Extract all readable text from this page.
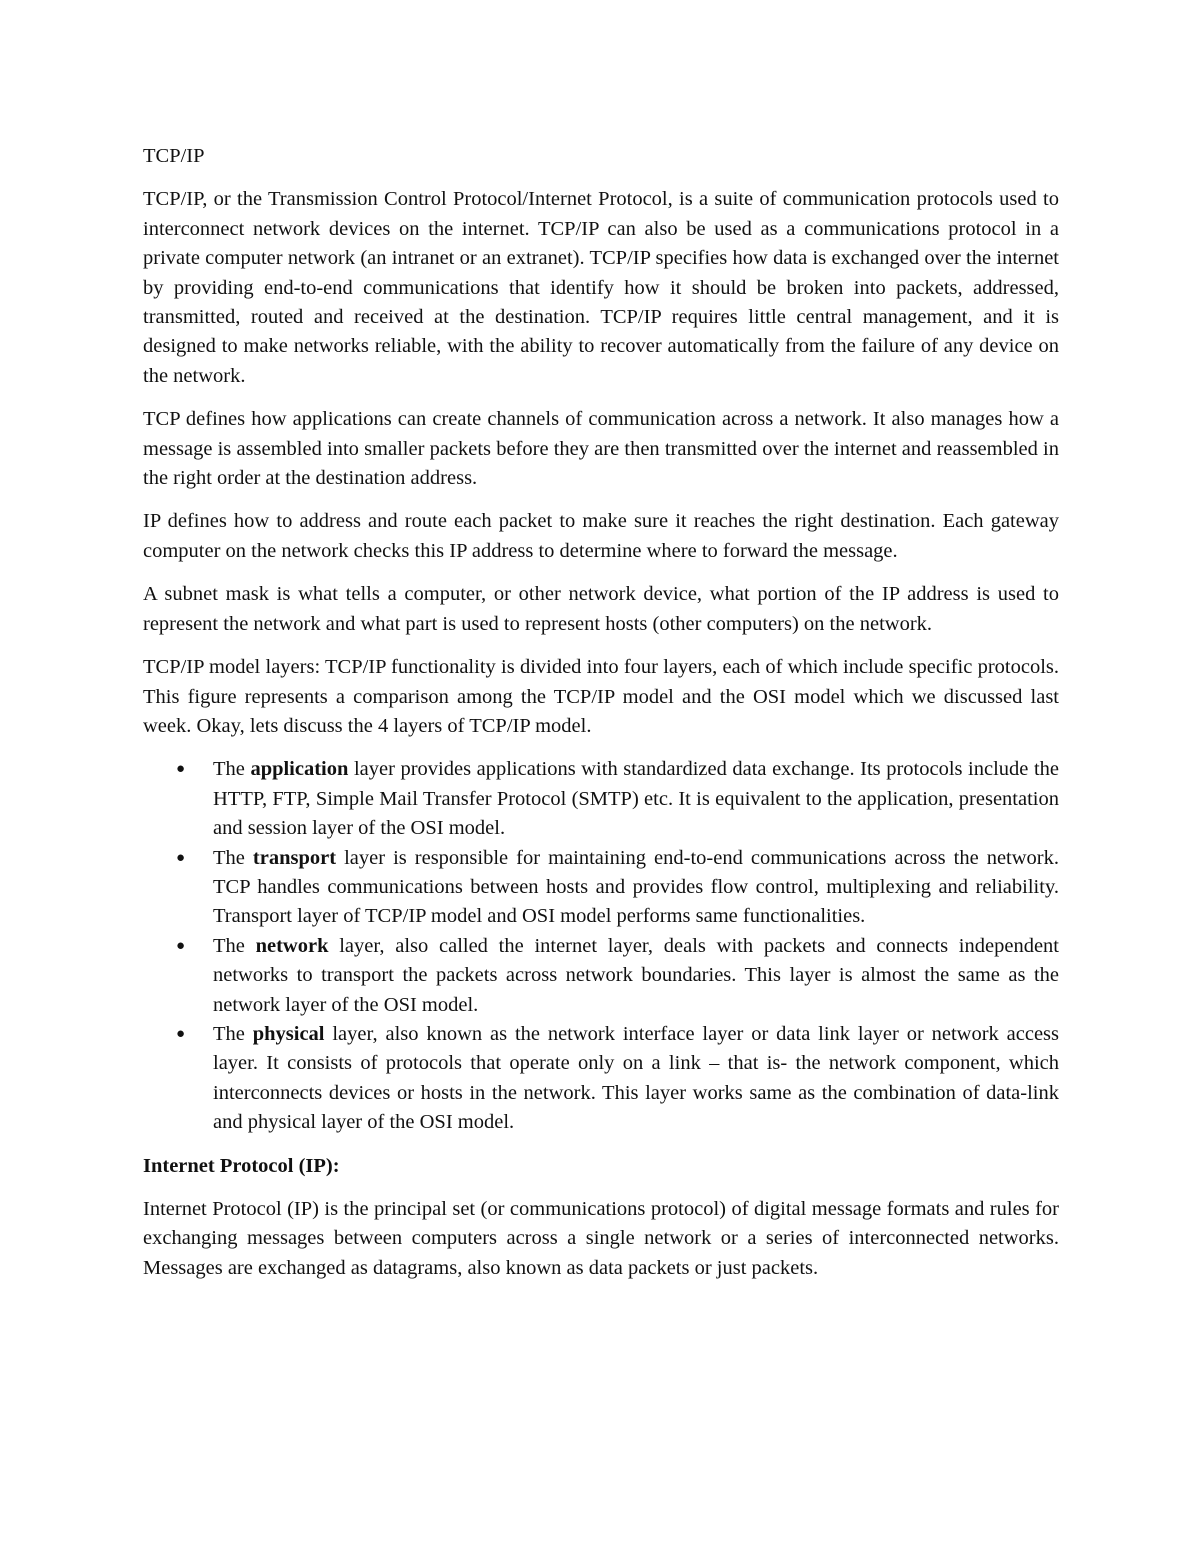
TCP/IP

TCP/IP, or the Transmission Control Protocol/Internet Protocol, is a suite of communication protocols used to interconnect network devices on the internet. TCP/IP can also be used as a communications protocol in a private computer network (an intranet or an extranet). TCP/IP specifies how data is exchanged over the internet by providing end-to-end communications that identify how it should be broken into packets, addressed, transmitted, routed and received at the destination. TCP/IP requires little central management, and it is designed to make networks reliable, with the ability to recover automatically from the failure of any device on the network.

TCP defines how applications can create channels of communication across a network. It also manages how a message is assembled into smaller packets before they are then transmitted over the internet and reassembled in the right order at the destination address.

IP defines how to address and route each packet to make sure it reaches the right destination. Each gateway computer on the network checks this IP address to determine where to forward the message.

A subnet mask is what tells a computer, or other network device, what portion of the IP address is used to represent the network and what part is used to represent hosts (other computers) on the network.

TCP/IP model layers: TCP/IP functionality is divided into four layers, each of which include specific protocols. This figure represents a comparison among the TCP/IP model and the OSI model which we discussed last week. Okay, lets discuss the 4 layers of TCP/IP model.

● The application layer provides applications with standardized data exchange. Its protocols include the HTTP, FTP, Simple Mail Transfer Protocol (SMTP) etc. It is equivalent to the application, presentation and session layer of the OSI model.
● The transport layer is responsible for maintaining end-to-end communications across the network. TCP handles communications between hosts and provides flow control, multiplexing and reliability. Transport layer of TCP/IP model and OSI model performs same functionalities.
● The network layer, also called the internet layer, deals with packets and connects independent networks to transport the packets across network boundaries. This layer is almost the same as the network layer of the OSI model.
● The physical layer, also known as the network interface layer or data link layer or network access layer. It consists of protocols that operate only on a link – that is- the network component, which interconnects devices or hosts in the network. This layer works same as the combination of data-link and physical layer of the OSI model.
Internet Protocol (IP):

Internet Protocol (IP) is the principal set (or communications protocol) of digital message formats and rules for exchanging messages between computers across a single network or a series of interconnected networks. Messages are exchanged as datagrams, also known as data packets or just packets.
